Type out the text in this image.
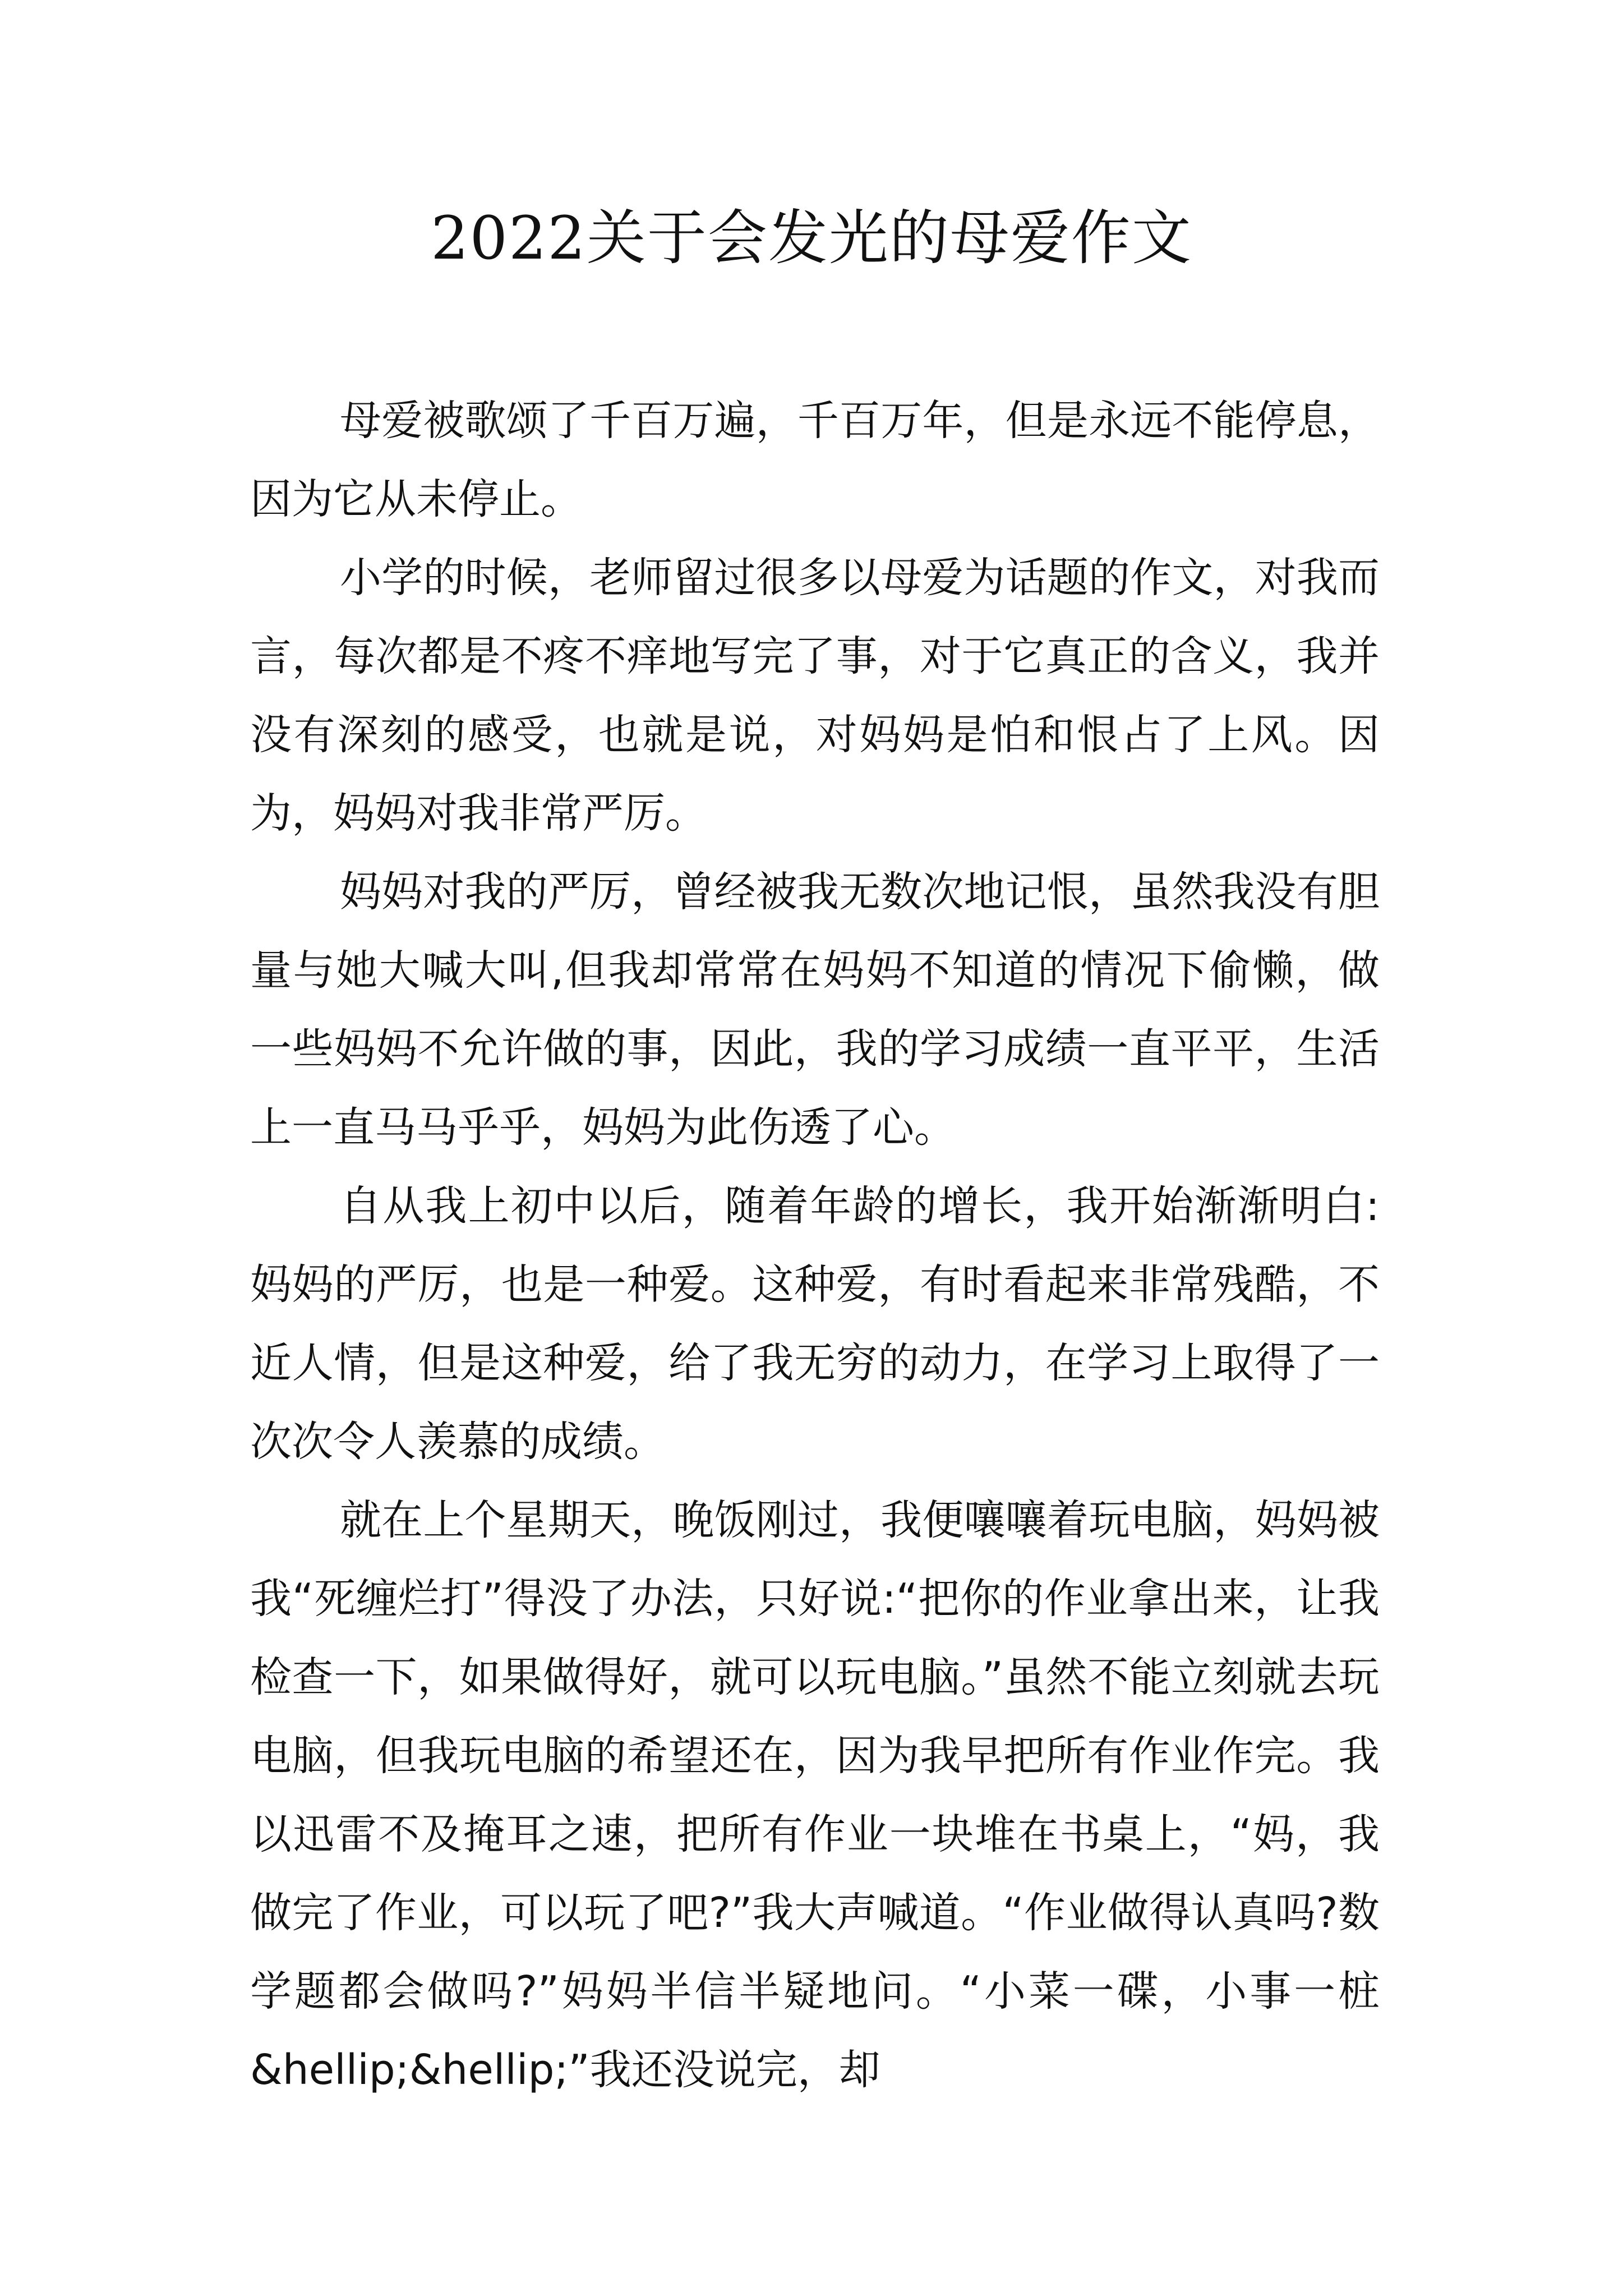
2022关于会发光的母爱作文

母爱被歌颂了千百万遍，千百万年，但是永远不能停息，因为它从未停止。

小学的时候，老师留过很多以母爱为话题的作文，对我而言，每次都是不疼不痒地写完了事，对于它真正的含义，我并没有深刻的感受，也就是说，对妈妈是怕和恨占了上风。因为，妈妈对我非常严厉。

妈妈对我的严厉，曾经被我无数次地记恨，虽然我没有胆量与她大喊大叫,但我却常常在妈妈不知道的情况下偷懒，做一些妈妈不允许做的事，因此，我的学习成绩一直平平，生活上一直马马乎乎，妈妈为此伤透了心。

自从我上初中以后，随着年龄的增长，我开始渐渐明白:妈妈的严厉，也是一种爱。这种爱，有时看起来非常残酷，不近人情，但是这种爱，给了我无穷的动力，在学习上取得了一次次令人羡慕的成绩。

就在上个星期天，晚饭刚过，我便嚷嚷着玩电脑，妈妈被我“死缠烂打”得没了办法，只好说:“把你的作业拿出来，让我检查一下，如果做得好，就可以玩电脑。”虽然不能立刻就去玩电脑，但我玩电脑的希望还在，因为我早把所有作业作完。我以迅雷不及掩耳之速，把所有作业一块堆在书桌上，“妈，我做完了作业，可以玩了吧?”我大声喊道。“作业做得认真吗?数学题都会做吗?”妈妈半信半疑地问。“小菜一碟，小事一桩&hellip;&hellip;”我还没说完，却
